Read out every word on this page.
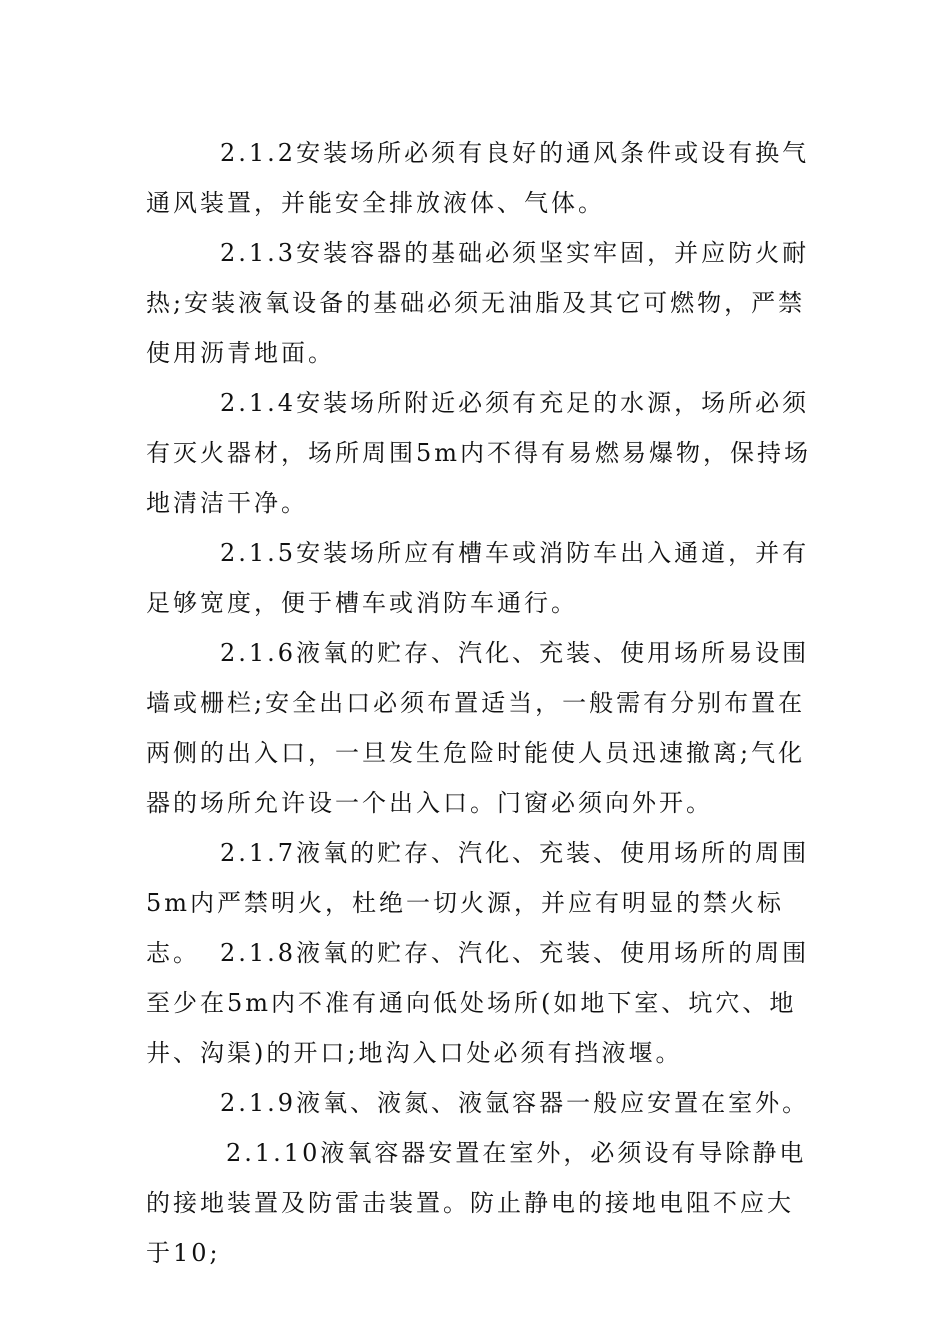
2.1.2安装场所必须有良好的通风条件或设有换气通风装置，并能安全排放液体、气体。

2.1.3安装容器的基础必须坚实牢固，并应防火耐热;安装液氧设备的基础必须无油脂及其它可燃物，严禁使用沥青地面。

2.1.4安装场所附近必须有充足的水源，场所必须有灭火器材，场所周围5m内不得有易燃易爆物，保持场地清洁干净。

2.1.5安装场所应有槽车或消防车出入通道，并有足够宽度，便于槽车或消防车通行。

2.1.6液氧的贮存、汽化、充装、使用场所易设围墙或栅栏;安全出口必须布置适当，一般需有分别布置在两侧的出入口，一旦发生危险时能使人员迅速撤离;气化器的场所允许设一个出入口。门窗必须向外开。

2.1.7液氧的贮存、汽化、充装、使用场所的周围5m内严禁明火，杜绝一切火源，并应有明显的禁火标志。 2.1.8液氧的贮存、汽化、充装、使用场所的周围至少在5m内不准有通向低处场所(如地下室、坑穴、地井、沟渠)的开口;地沟入口处必须有挡液堰。

2.1.9液氧、液氮、液氩容器一般应安置在室外。

2.1.10液氧容器安置在室外，必须设有导除静电的接地装置及防雷击装置。防止静电的接地电阻不应大于10;
